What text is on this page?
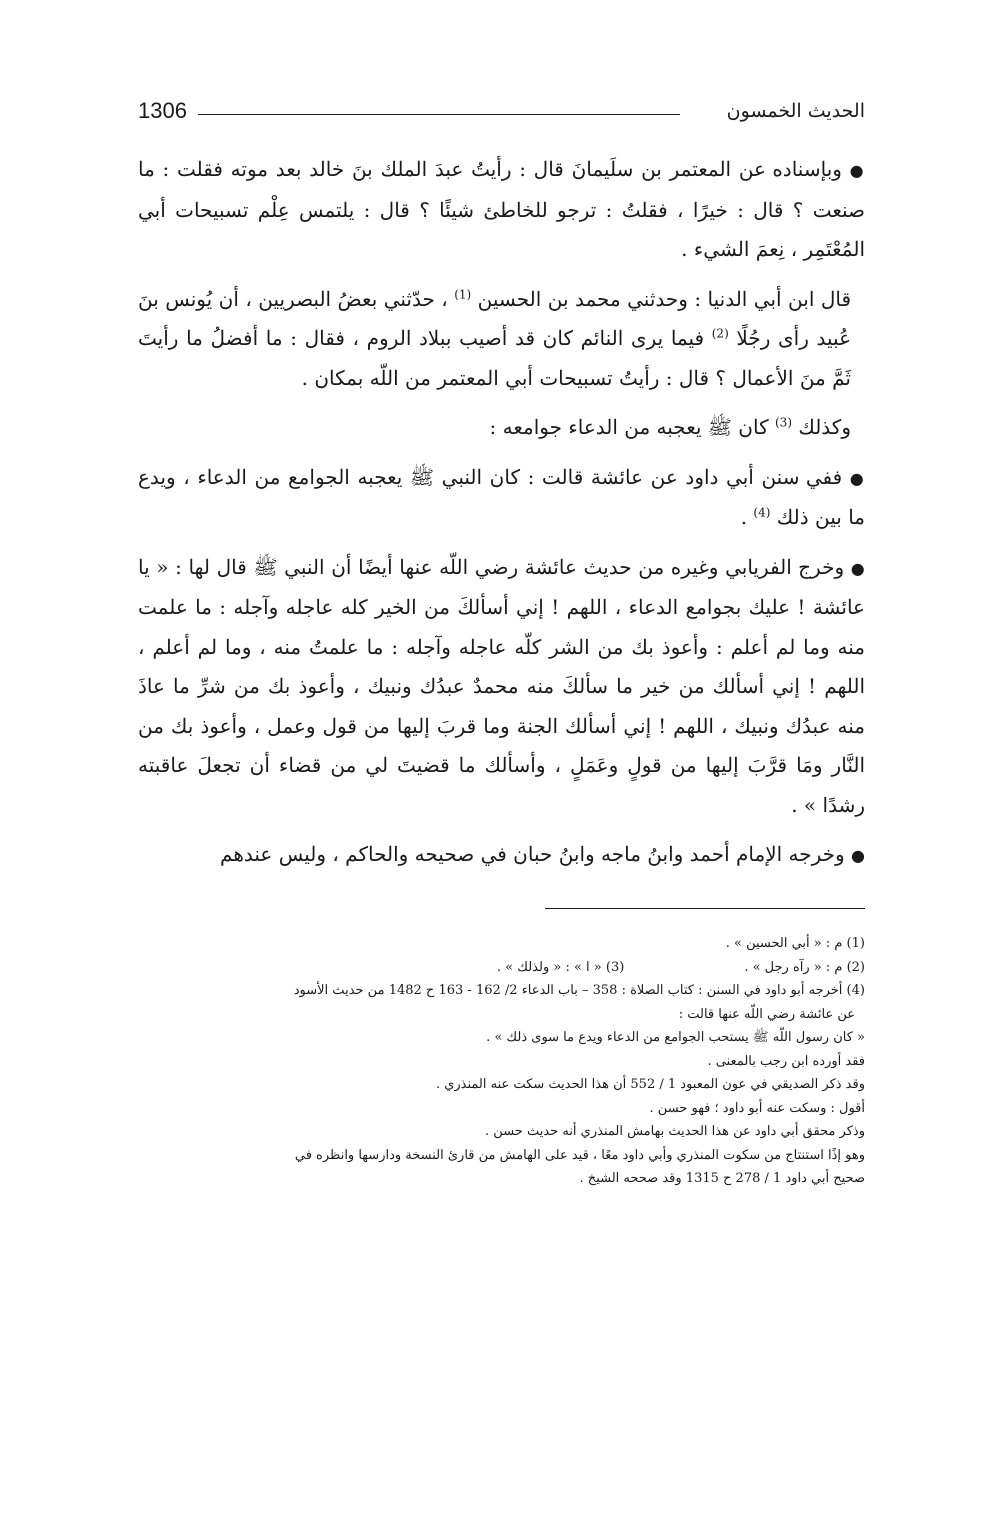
1306	الحديث الخمسون

● وبإسناده عن المعتمر بن سلَيمانَ قال : رأيتُ عبدَ الملك بنَ خالد بعد موته فقلت : ما صنعت ؟ قال : خيرًا ، فقلتُ : ترجو للخاطئ شيئًا ؟ قال : يلتمس عِلْم تسبيحات أبي المُعْتَمِر ، نِعمَ الشيء .

قال ابن أبي الدنيا : وحدثني محمد بن الحسين $^{(1)}$ ، حدّثني بعضُ البصريين ، أن يُونس بنَ عُبيد رأى رجُلًا $^{(2)}$ فيما يرى النائم كان قد أصيب ببلاد الروم ، فقال : ما أفضلُ ما رأيتَ ثَمَّ منَ الأعمال ؟ قال : رأيتُ تسبيحات أبي المعتمر من اللّه بمكان .

وكذلك $^{(3)}$ كان ﷺ يعجبه من الدعاء جوامعه :

● ففي سنن أبي داود عن عائشة قالت : كان النبي ﷺ يعجبه الجوامع من الدعاء ، ويدع ما بين ذلك $^{(4)}$ .

● وخرج الفريابي وغيره من حديث عائشة رضي اللّه عنها أيضًا أن النبي ﷺ قال لها : « يا عائشة ! عليك بجوامع الدعاء ، اللهم ! إني أسألكَ من الخير كله عاجله وآجله : ما علمت منه وما لم أعلم : وأعوذ بك من الشر كلّه عاجله وآجله : ما علمتُ منه ، وما لم أعلم ، اللهم ! إني أسألك من خير ما سألكَ منه محمدٌ عبدُك ونبيك ، وأعوذ بك من شرِّ ما عاذَ منه عبدُك ونبيك ، اللهم ! إني أسألك الجنة وما قربَ إليها من قول وعمل ، وأعوذ بك من النَّار ومَا قرَّبَ إليها من قولٍ وعَمَلٍ ، وأسألك ما قضيتَ لي من قضاء أن تجعلَ عاقبته رشدًا » .

● وخرجه الإمام أحمد وابنُ ماجه وابنُ حبان في صحيحه والحاكم ، وليس عندهم

(1) م : « أبي الحسين » .
(2) م : « رآه رجل » .
(3) « ا » : « ولذلك » .
(4) أخرجه أبو داود في السنن : كتاب الصلاة : 358 – باب الدعاء 2/ 162 - 163 ح 1482 من حديث الأسود
عن عائشة رضي اللّه عنها قالت :
« كان رسول اللّه ﷺ يستحب الجوامع من الدعاء ويدع ما سوى ذلك » .
فقد أورده ابن رجب بالمعنى .
وقد ذكر الصديقي في عون المعبود 1 / 552 أن هذا الحديث سكت عنه المنذري .
أقول : وسكت عنه أبو داود ؛ فهو حسن .
وذكر محقق أبي داود عن هذا الحديث بهامش المنذري أنه حديث حسن .
وهو إذًا استنتاج من سكوت المنذري وأبي داود معًا ، قيد على الهامش من قارئ النسخة ودارسها وانظره في
صحيح أبي داود 1 / 278 ح 1315 وقد صححه الشيخ .
